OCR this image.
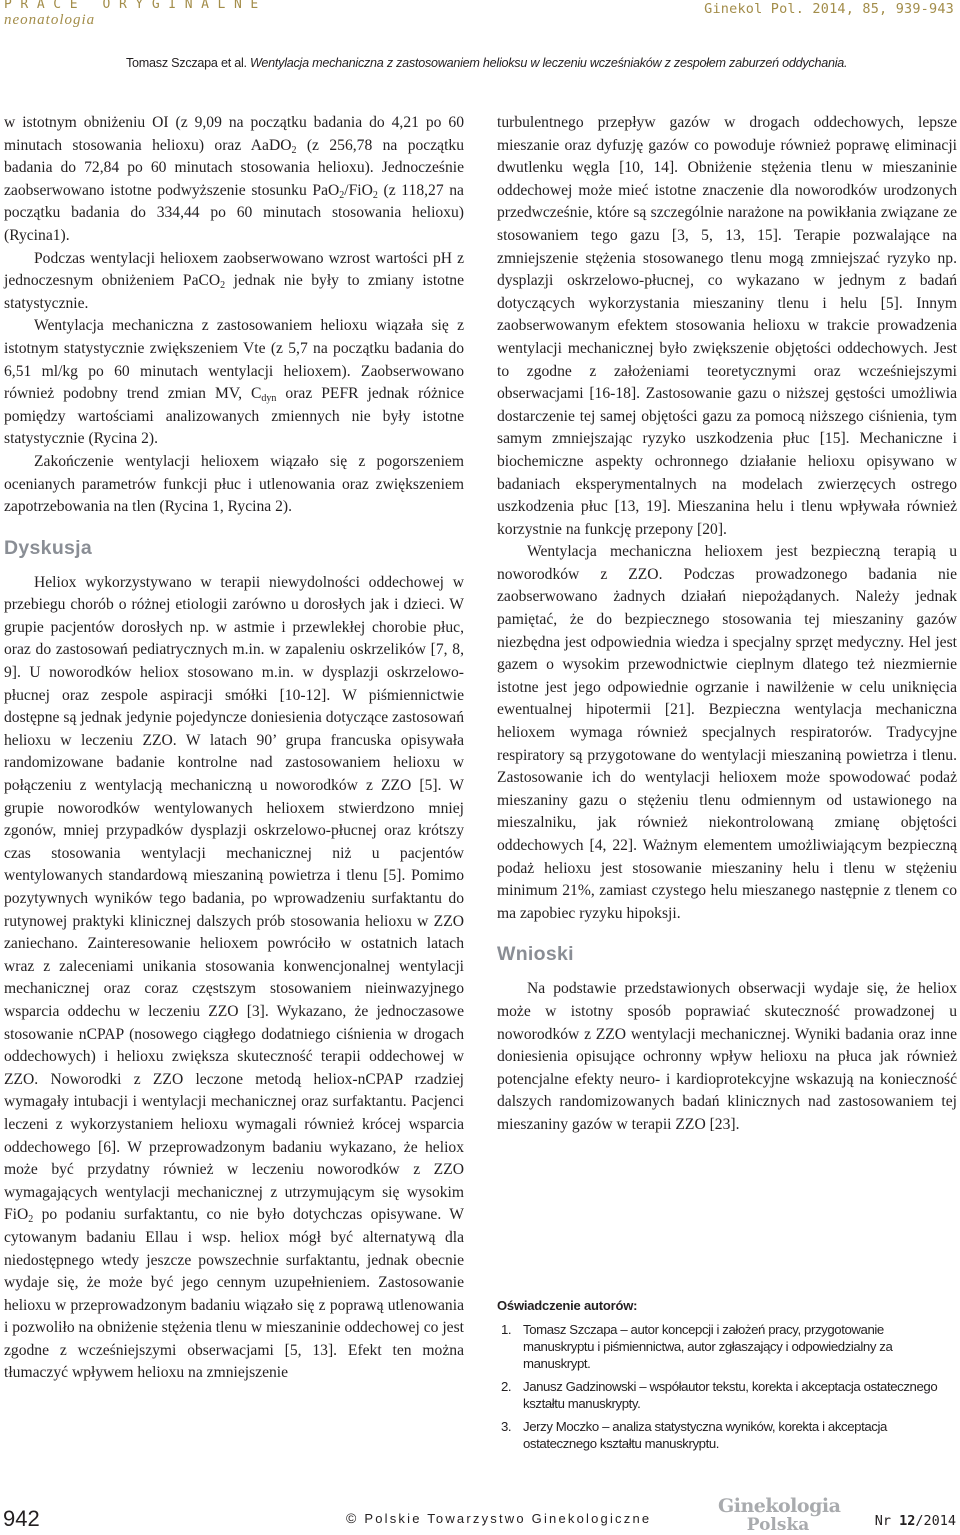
PRACE ORYGINALNE
neonatologia
Ginekol Pol. 2014, 85, 939-943
Tomasz Szczapa et al. Wentylacja mechaniczna z zastosowaniem helioksu w leczeniu wcześniaków z zespołem zaburzeń oddychania.

w istotnym obniżeniu OI (z 9,09 na początku badania do 4,21 po 60 minutach stosowania helioxu) oraz AaDO$_2$ (z 256,78 na początku badania do 72,84 po 60 minutach stosowania helioxu). Jednocześnie zaobserwowano istotne podwyższenie stosunku PaO$_2$/FiO$_2$ (z 118,27 na początku badania do 334,44 po 60 minutach stosowania helioxu) (Rycina1).

Podczas wentylacji helioxem zaobserwowano wzrost wartości pH z jednoczesnym obniżeniem PaCO$_2$ jednak nie były to zmiany istotne statystycznie.

Wentylacja mechaniczna z zastosowaniem helioxu wiązała się z istotnym statystycznie zwiększeniem Vte (z 5,7 na początku badania do 6,51 ml/kg po 60 minutach wentylacji helioxem). Zaobserwowano również podobny trend zmian MV, $C_{dyn}$ oraz PEFR jednak różnice pomiędzy wartościami analizowanych zmiennych nie były istotne statystycznie (Rycina 2).

Zakończenie wentylacji helioxem wiązało się z pogorszeniem ocenianych parametrów funkcji płuc i utlenowania oraz zwiększeniem zapotrzebowania na tlen (Rycina 1, Rycina 2).

Dyskusja

Heliox wykorzystywano w terapii niewydolności oddechowej w przebiegu chorób o różnej etiologii zarówno u dorosłych jak i dzieci. W grupie pacjentów dorosłych np. w astmie i przewlekłej chorobie płuc, oraz do zastosowań pediatrycznych m.in. w zapaleniu oskrzelików [7, 8, 9]. U noworodków heliox stosowano m.in. w dysplazji oskrzelowo-płucnej oraz zespole aspiracji smółki [10-12]. W piśmiennictwie dostępne są jednak jedynie pojedyncze doniesienia dotyczące zastosowań helioxu w leczeniu ZZO. W latach 90’ grupa francuska opisywała randomizowane badanie kontrolne nad zastosowaniem helioxu w połączeniu z wentylacją mechaniczną u noworodków z ZZO [5]. W grupie noworodków wentylowanych helioxem stwierdzono mniej zgonów, mniej przypadków dysplazji oskrzelowo-płucnej oraz krótszy czas stosowania wentylacji mechanicznej niż u pacjentów wentylowanych standardową mieszaniną powietrza i tlenu [5]. Pomimo pozytywnych wyników tego badania, po wprowadzeniu surfaktantu do rutynowej praktyki klinicznej dalszych prób stosowania helioxu w ZZO zaniechano. Zainteresowanie helioxem powróciło w ostatnich latach wraz z zaleceniami unikania stosowania konwencjonalnej wentylacji mechanicznej oraz coraz częstszym stosowaniem nieinwazyjnego wsparcia oddechu w leczeniu ZZO [3]. Wykazano, że jednoczasowe stosowanie nCPAP (nosowego ciągłego dodatniego ciśnienia w drogach oddechowych) i helioxu zwiększa skuteczność terapii oddechowej w ZZO. Noworodki z ZZO leczone metodą heliox-nCPAP rzadziej wymagały intubacji i wentylacji mechanicznej oraz surfaktantu. Pacjenci leczeni z wykorzystaniem helioxu wymagali również krócej wsparcia oddechowego [6]. W przeprowadzonym badaniu wykazano, że heliox może być przydatny również w leczeniu noworodków z ZZO wymagających wentylacji mechanicznej z utrzymującym się wysokim FiO$_2$ po podaniu surfaktantu, co nie było dotychczas opisywane. W cytowanym badaniu Ellau i wsp. heliox mógł być alternatywą dla niedostępnego wtedy jeszcze powszechnie surfaktantu, jednak obecnie wydaje się, że może być jego cennym uzupełnieniem. Zastosowanie helioxu w przeprowadzonym badaniu wiązało się z poprawą utlenowania i pozwoliło na obniżenie stężenia tlenu w mieszaninie oddechowej co jest zgodne z wcześniejszymi obserwacjami [5, 13]. Efekt ten można tłumaczyć wpływem helioxu na zmniejszenie

turbulentnego przepływ gazów w drogach oddechowych, lepsze mieszanie oraz dyfuzję gazów co powoduje również poprawę eliminacji dwutlenku węgla [10, 14]. Obniżenie stężenia tlenu w mieszaninie oddechowej może mieć istotne znaczenie dla noworodków urodzonych przedwcześnie, które są szczególnie narażone na powikłania związane ze stosowaniem tego gazu [3, 5, 13, 15]. Terapie pozwalające na zmniejszenie stężenia stosowanego tlenu mogą zmniejszać ryzyko np. dysplazji oskrzelowo-płucnej, co wykazano w jednym z badań dotyczących wykorzystania mieszaniny tlenu i helu [5]. Innym zaobserwowanym efektem stosowania helioxu w trakcie prowadzenia wentylacji mechanicznej było zwiększenie objętości oddechowych. Jest to zgodne z założeniami teoretycznymi oraz wcześniejszymi obserwacjami [16-18]. Zastosowanie gazu o niższej gęstości umożliwia dostarczenie tej samej objętości gazu za pomocą niższego ciśnienia, tym samym zmniejszając ryzyko uszkodzenia płuc [15]. Mechaniczne i biochemiczne aspekty ochronnego działanie helioxu opisywano w badaniach eksperymentalnych na modelach zwierzęcych ostrego uszkodzenia płuc [13, 19]. Mieszanina helu i tlenu wpływała również korzystnie na funkcję przepony [20].

Wentylacja mechaniczna helioxem jest bezpieczną terapią u noworodków z ZZO. Podczas prowadzonego badania nie zaobserwowano żadnych działań niepożądanych. Należy jednak pamiętać, że do bezpiecznego stosowania tej mieszaniny gazów niezbędna jest odpowiednia wiedza i specjalny sprzęt medyczny. Hel jest gazem o wysokim przewodnictwie cieplnym dlatego też niezmiernie istotne jest jego odpowiednie ogrzanie i nawilżenie w celu uniknięcia ewentualnej hipotermii [21]. Bezpieczna wentylacja mechaniczna helioxem wymaga również specjalnych respiratorów. Tradycyjne respiratory są przygotowane do wentylacji mieszaniną powietrza i tlenu. Zastosowanie ich do wentylacji helioxem może spowodować podaż mieszaniny gazu o stężeniu tlenu odmiennym od ustawionego na mieszalniku, jak również niekontrolowaną zmianę objętości oddechowych [4, 22]. Ważnym elementem umożliwiającym bezpieczną podaż helioxu jest stosowanie mieszaniny helu i tlenu w stężeniu minimum 21%, zamiast czystego helu mieszanego następnie z tlenem co ma zapobiec ryzyku hipoksji.

Wnioski

Na podstawie przedstawionych obserwacji wydaje się, że heliox może w istotny sposób poprawiać skuteczność prowadzonej u noworodków z ZZO wentylacji mechanicznej. Wyniki badania oraz inne doniesienia opisujące ochronny wpływ helioxu na płuca jak również potencjalne efekty neuro- i kardioprotekcyjne wskazują na konieczność dalszych randomizowanych badań klinicznych nad zastosowaniem tej mieszaniny gazów w terapii ZZO [23].

Oświadczenie autorów:
1. Tomasz Szczapa – autor koncepcji i założeń pracy, przygotowanie manuskryptu i piśmiennictwa, autor zgłaszający i odpowiedzialny za manuskrypt.
2. Janusz Gadzinowski – współautor tekstu, korekta i akceptacja ostatecznego kształtu manuskrypty.
3. Jerzy Moczko – analiza statystyczna wyników, korekta i akceptacja ostatecznego kształtu manuskryptu.
942	© Polskie Towarzystwo Ginekologiczne
Ginekologia
Polska	Nr 12/2014
